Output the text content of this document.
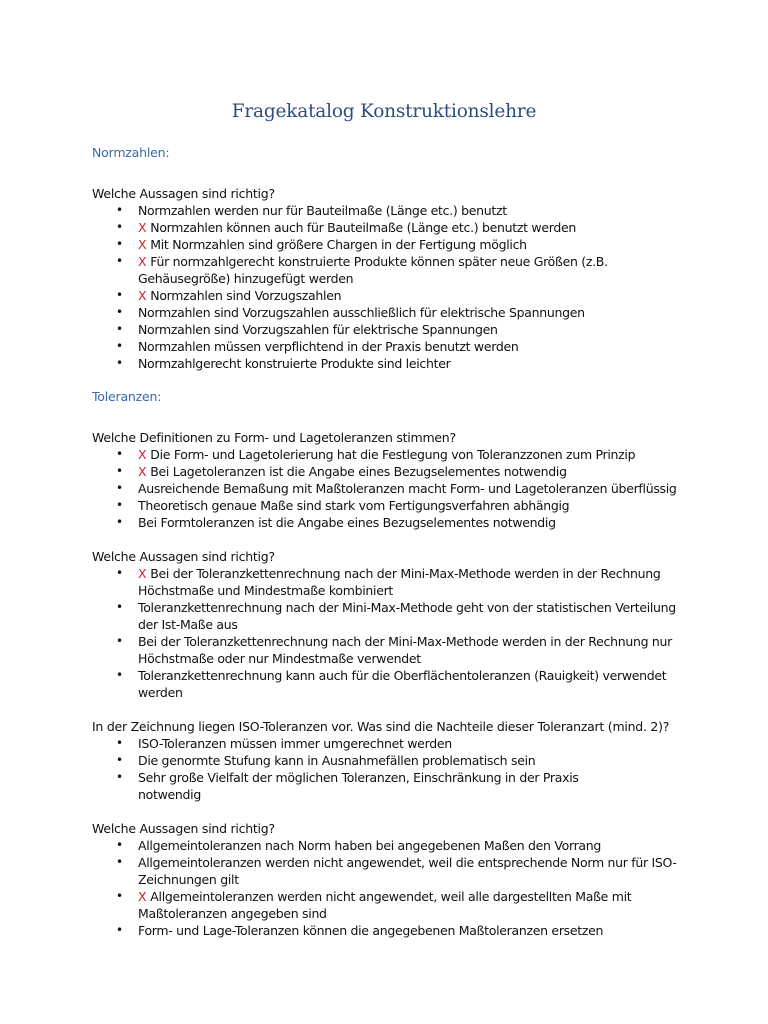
Fragekatalog Konstruktionslehre
Normzahlen:
Welche Aussagen sind richtig?
• Normzahlen werden nur für Bauteilmaße (Länge etc.) benutzt
• X Normzahlen können auch für Bauteilmaße (Länge etc.) benutzt werden
• X Mit Normzahlen sind größere Chargen in der Fertigung möglich
• X Für normzahlgerecht konstruierte Produkte können später neue Größen (z.B.
Gehäusegröße) hinzugefügt werden
• X Normzahlen sind Vorzugszahlen
• Normzahlen sind Vorzugszahlen ausschließlich für elektrische Spannungen
• Normzahlen sind Vorzugszahlen für elektrische Spannungen
• Normzahlen müssen verpflichtend in der Praxis benutzt werden
• Normzahlgerecht konstruierte Produkte sind leichter
Toleranzen:
Welche Definitionen zu Form- und Lagetoleranzen stimmen?
• X Die Form- und Lagetolerierung hat die Festlegung von Toleranzzonen zum Prinzip
• X Bei Lagetoleranzen ist die Angabe eines Bezugselementes notwendig
• Ausreichende Bemaßung mit Maßtoleranzen macht Form- und Lagetoleranzen überflüssig
• Theoretisch genaue Maße sind stark vom Fertigungsverfahren abhängig
• Bei Formtoleranzen ist die Angabe eines Bezugselementes notwendig
Welche Aussagen sind richtig?
• X Bei der Toleranzkettenrechnung nach der Mini-Max-Methode werden in der Rechnung
Höchstmaße und Mindestmaße kombiniert
• Toleranzkettenrechnung nach der Mini-Max-Methode geht von der statistischen Verteilung
der Ist-Maße aus
• Bei der Toleranzkettenrechnung nach der Mini-Max-Methode werden in der Rechnung nur
Höchstmaße oder nur Mindestmaße verwendet
• Toleranzkettenrechnung kann auch für die Oberflächentoleranzen (Rauigkeit) verwendet
werden
In der Zeichnung liegen ISO-Toleranzen vor. Was sind die Nachteile dieser Toleranzart (mind. 2)?
• ISO-Toleranzen müssen immer umgerechnet werden
• Die genormte Stufung kann in Ausnahmefällen problematisch sein
• Sehr große Vielfalt der möglichen Toleranzen, Einschränkung in der Praxis
notwendig
Welche Aussagen sind richtig?
• Allgemeintoleranzen nach Norm haben bei angegebenen Maßen den Vorrang
• Allgemeintoleranzen werden nicht angewendet, weil die entsprechende Norm nur für ISO-
Zeichnungen gilt
• X Allgemeintoleranzen werden nicht angewendet, weil alle dargestellten Maße mit
Maßtoleranzen angegeben sind
• Form- und Lage-Toleranzen können die angegebenen Maßtoleranzen ersetzen
